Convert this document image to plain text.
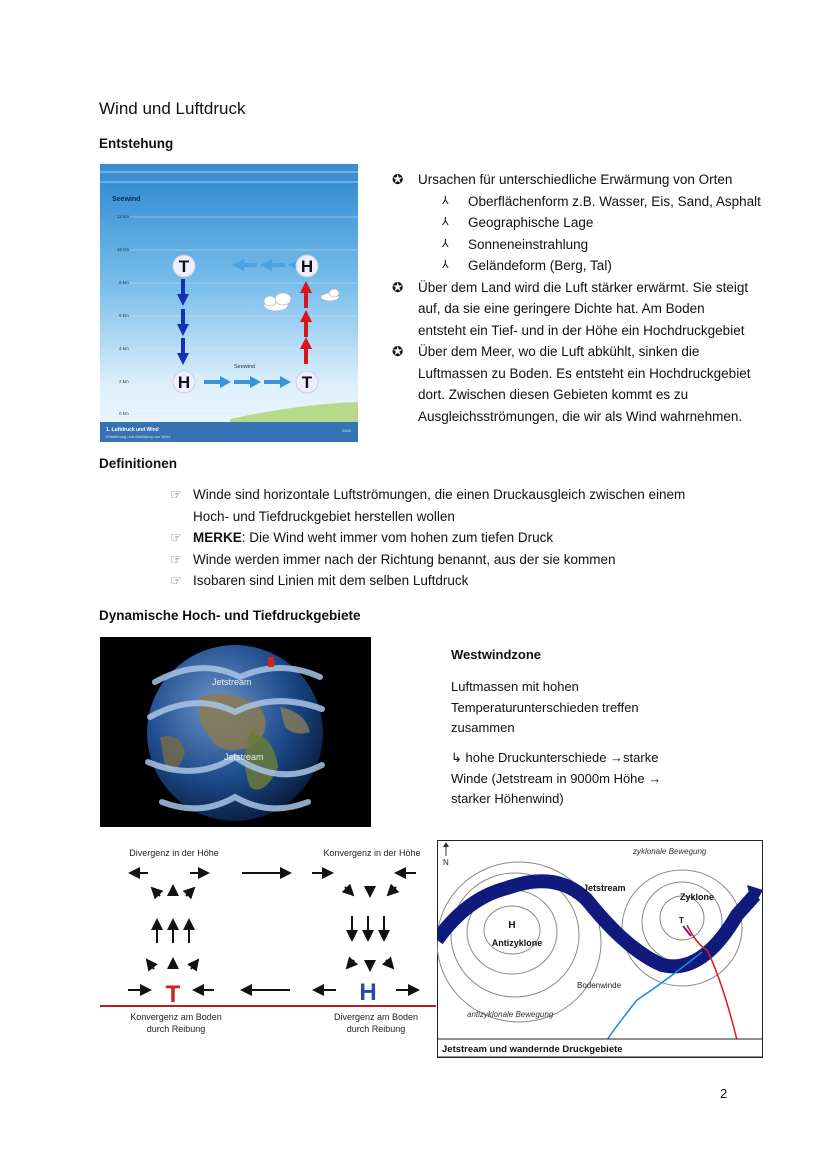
Wind und Luftdruck
Entstehung
Seewind
12 km
10 km
8 km
6 km
4 km
2 km
0 km
1. Luftdruck und Wind
Entstehung und Abbildung von Wind
0265
Seewind
T	H
H	T
✪	Ursachen für unterschiedliche Erwärmung von Orten
⅄	Oberflächenform z.B. Wasser, Eis, Sand, Asphalt
⅄	Geographische Lage
⅄	Sonneneinstrahlung
⅄	Geländeform (Berg, Tal)
✪	Über dem Land wird die Luft stärker erwärmt. Sie steigt
auf, da sie eine geringere Dichte hat. Am Boden
entsteht ein Tief- und in der Höhe ein Hochdruckgebiet
✪	Über dem Meer, wo die Luft abkühlt, sinken die
Luftmassen zu Boden. Es entsteht ein Hochdruckgebiet
dort. Zwischen diesen Gebieten kommt es zu
Ausgleichsströmungen, die wir als Wind wahrnehmen.
Definitionen
☞ Winde sind horizontale Luftströmungen, die einen Druckausgleich zwischen einem
Hoch- und Tiefdruckgebiet herstellen wollen
☞ MERKE: Die Wind weht immer vom hohen zum tiefen Druck
☞ Winde werden immer nach der Richtung benannt, aus der sie kommen
☞ Isobaren sind Linien mit dem selben Luftdruck
Dynamische Hoch- und Tiefdruckgebiete
Jetstream
Jetstream
Westwindzone
Luftmassen mit hohen
Temperaturunterschieden treffen
zusammen
↳ hohe Druckunterschiede →starke
Winde (Jetstream in 9000m Höhe →
starker Höhenwind)
Divergenz in der Höhe	Konvergenz in der Höhe
T	H
Konvergenz am Boden
durch Reibung
Divergenz am Boden
durch Reibung
N
zyklonale Bewegung
Jetstream
Zyklone
H
Antizyklone
T
Bodenwinde
antizyklonale Bewegung
Jetstream und wandernde Druckgebiete
2
